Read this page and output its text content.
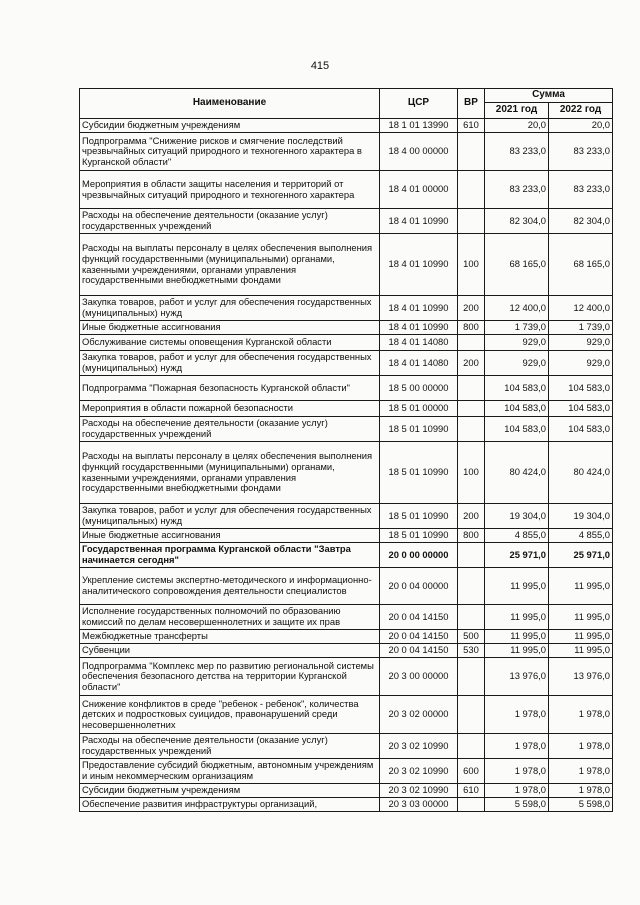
415
Наименование	ЦСР	ВР	Сумма	
			2021 год	2022 год
Субсидии бюджетным учреждениям	18 1 01 13990	610	20,0	20,0
Подпрограмма "Снижение рисков и смягчение последствий чрезвычайных ситуаций природного и техногенного характера в Курганской области"	18 4 00 00000		83 233,0	83 233,0
Мероприятия в области защиты населения и территорий от чрезвычайных ситуаций природного и техногенного характера	18 4 01 00000		83 233,0	83 233,0
Расходы на обеспечение деятельности (оказание услуг) государственных учреждений	18 4 01 10990		82 304,0	82 304,0
Расходы на выплаты персоналу в целях обеспечения выполнения функций государственными (муниципальными) органами, казенными учреждениями, органами управления государственными внебюджетными фондами	18 4 01 10990	100	68 165,0	68 165,0
Закупка товаров, работ и услуг для обеспечения государственных (муниципальных) нужд	18 4 01 10990	200	12 400,0	12 400,0
Иные бюджетные ассигнования	18 4 01 10990	800	1 739,0	1 739,0
Обслуживание системы оповещения Курганской области	18 4 01 14080		929,0	929,0
Закупка товаров, работ и услуг для обеспечения государственных (муниципальных) нужд	18 4 01 14080	200	929,0	929,0
Подпрограмма "Пожарная безопасность Курганской области"	18 5 00 00000		104 583,0	104 583,0
Мероприятия в области пожарной безопасности	18 5 01 00000		104 583,0	104 583,0
Расходы на обеспечение деятельности (оказание услуг) государственных учреждений	18 5 01 10990		104 583,0	104 583,0
Расходы на выплаты персоналу в целях обеспечения выполнения функций государственными (муниципальными) органами, казенными учреждениями, органами управления государственными внебюджетными фондами	18 5 01 10990	100	80 424,0	80 424,0
Закупка товаров, работ и услуг для обеспечения государственных (муниципальных) нужд	18 5 01 10990	200	19 304,0	19 304,0
Иные бюджетные ассигнования	18 5 01 10990	800	4 855,0	4 855,0
Государственная программа Курганской области "Завтра начинается сегодня"	20 0 00 00000		25 971,0	25 971,0
Укрепление системы экспертно-методического и информационно-аналитического сопровождения деятельности специалистов	20 0 04 00000		11 995,0	11 995,0
Исполнение государственных полномочий по образованию комиссий по делам несовершеннолетних и защите их прав	20 0 04 14150		11 995,0	11 995,0
Межбюджетные трансферты	20 0 04 14150	500	11 995,0	11 995,0
Субвенции	20 0 04 14150	530	11 995,0	11 995,0
Подпрограмма "Комплекс мер по развитию региональной системы обеспечения безопасного детства на территории Курганской области"	20 3 00 00000		13 976,0	13 976,0
Снижение конфликтов в среде "ребенок - ребенок", количества детских и подростковых суицидов, правонарушений среди несовершеннолетних	20 3 02 00000		1 978,0	1 978,0
Расходы на обеспечение деятельности (оказание услуг) государственных учреждений	20 3 02 10990		1 978,0	1 978,0
Предоставление субсидий бюджетным, автономным учреждениям и иным некоммерческим организациям	20 3 02 10990	600	1 978,0	1 978,0
Субсидии бюджетным учреждениям	20 3 02 10990	610	1 978,0	1 978,0
Обеспечение развития инфраструктуры организаций,	20 3 03 00000		5 598,0	5 598,0
